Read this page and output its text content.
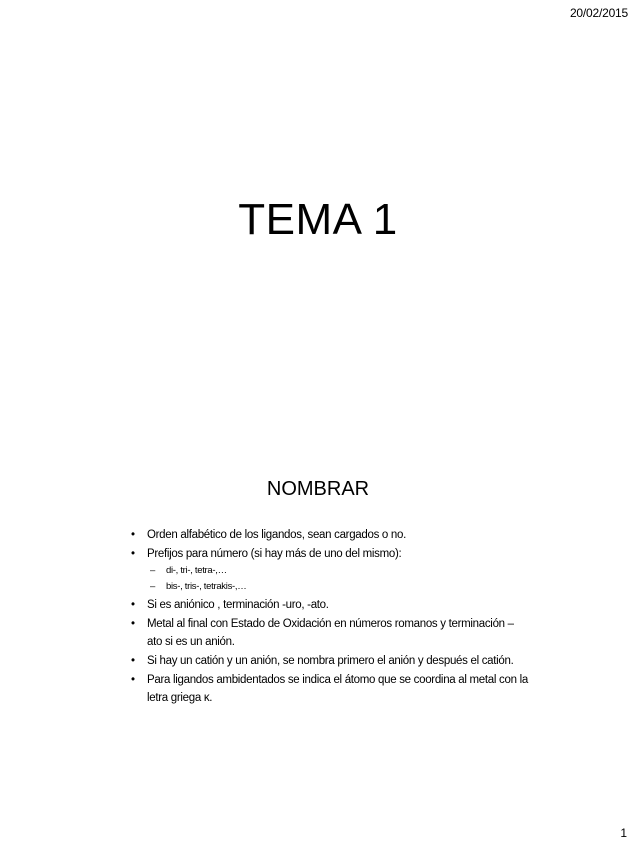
20/02/2015
TEMA 1
NOMBRAR
• Orden alfabético de los ligandos, sean cargados o no.
• Prefijos para número (si hay más de uno del mismo):
– di-, tri-, tetra-,…
– bis-, tris-, tetrakis-,…
• Si es aniónico , terminación -uro, -ato.
• Metal al final con Estado de Oxidación en números romanos y terminación –ato si es un anión.
• Si hay un catión y un anión, se nombra primero el anión y después el catión.
• Para ligandos ambidentados se indica el átomo que se coordina al metal con la letra griega κ.
1
